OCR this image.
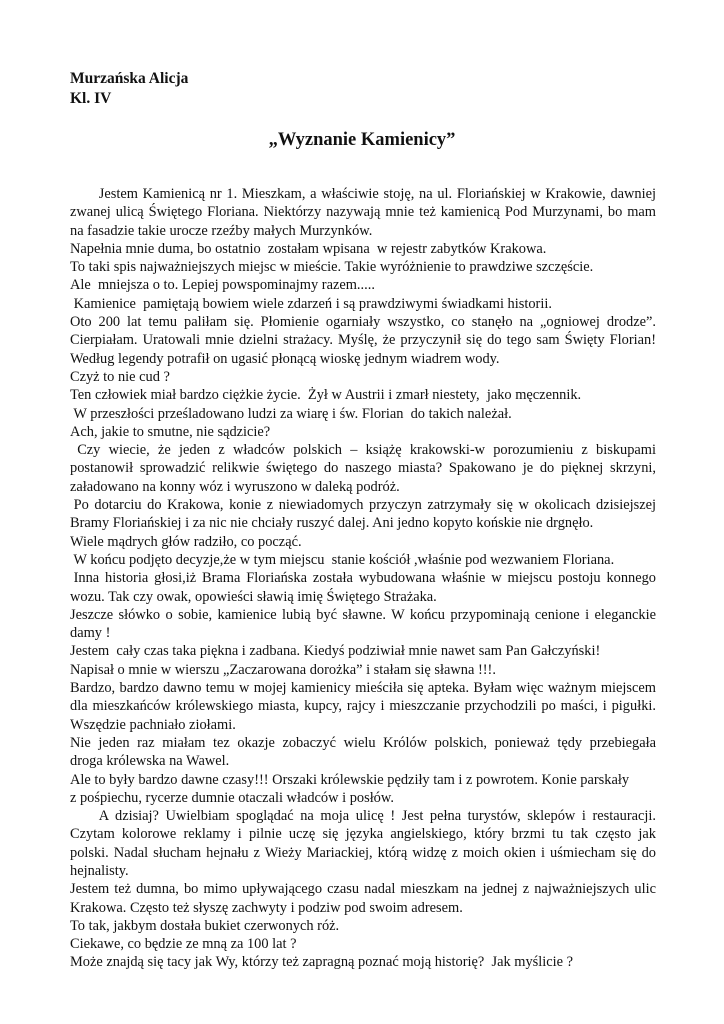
Murzańska Alicja
Kl. IV
„Wyznanie Kamienicy”
Jestem Kamienicą nr 1. Mieszkam, a właściwie stoję, na ul. Floriańskiej w Krakowie, dawniej
zwanej ulicą Świętego Floriana. Niektórzy nazywają mnie też kamienicą Pod Murzynami, bo mam
na fasadzie takie urocze rzeźby małych Murzynków.
Napełnia mnie duma, bo ostatnio  zostałam wpisana  w rejestr zabytków Krakowa.
To taki spis najważniejszych miejsc w mieście. Takie wyróżnienie to prawdziwe szczęście.
Ale  mniejsza o to. Lepiej powspominajmy razem.....
Kamienice  pamiętają bowiem wiele zdarzeń i są prawdziwymi świadkami historii.
Oto 200 lat temu paliłam się. Płomienie ogarniały wszystko, co stanęło na „ogniowej drodze”.
Cierpiałam. Uratowali mnie dzielni strażacy. Myślę, że przyczynił się do tego sam Święty Florian!
Według legendy potrafił on ugasić płonącą wioskę jednym wiadrem wody.
Czyż to nie cud ?
Ten człowiek miał bardzo ciężkie życie.  Żył w Austrii i zmarł niestety,  jako męczennik.
W przeszłości prześladowano ludzi za wiarę i św. Florian  do takich należał.
Ach, jakie to smutne, nie sądzicie?
Czy wiecie, że jeden z władców polskich – książę krakowski-w porozumieniu z biskupami
postanowił sprowadzić relikwie świętego do naszego miasta? Spakowano je do pięknej skrzyni,
załadowano na konny wóz i wyruszono w daleką podróż.
Po dotarciu do Krakowa, konie z niewiadomych przyczyn zatrzymały się w okolicach dzisiejszej
Bramy Floriańskiej i za nic nie chciały ruszyć dalej. Ani jedno kopyto końskie nie drgnęło.
Wiele mądrych głów radziło, co począć.
W końcu podjęto decyzje,że w tym miejscu  stanie kościół ,właśnie pod wezwaniem Floriana.
Inna historia głosi,iż Brama Floriańska została wybudowana właśnie w miejscu postoju konnego
wozu. Tak czy owak, opowieści sławią imię Świętego Strażaka.
Jeszcze słówko o sobie, kamienice lubią być sławne. W końcu przypominają cenione i eleganckie
damy !
Jestem  cały czas taka piękna i zadbana. Kiedyś podziwiał mnie nawet sam Pan Gałczyński!
Napisał o mnie w wierszu „Zaczarowana dorożka” i stałam się sławna !!!.
Bardzo, bardzo dawno temu w mojej kamienicy mieściła się apteka. Byłam więc ważnym miejscem
dla mieszkańców królewskiego miasta, kupcy, rajcy i mieszczanie przychodzili po maści, i pigułki.
Wszędzie pachniało ziołami.
Nie jeden raz miałam tez okazje zobaczyć wielu Królów polskich, ponieważ tędy przebiegała
droga królewska na Wawel.
Ale to były bardzo dawne czasy!!! Orszaki królewskie pędziły tam i z powrotem. Konie parskały
z pośpiechu, rycerze dumnie otaczali władców i posłów.
A dzisiaj? Uwielbiam spoglądać na moja ulicę ! Jest pełna turystów, sklepów i restauracji.
Czytam kolorowe reklamy i pilnie uczę się języka angielskiego, który brzmi tu tak często jak
polski. Nadal słucham hejnału z Wieży Mariackiej, którą widzę z moich okien i uśmiecham się do
hejnalisty.
Jestem też dumna, bo mimo upływającego czasu nadal mieszkam na jednej z najważniejszych ulic
Krakowa. Często też słyszę zachwyty i podziw pod swoim adresem.
To tak, jakbym dostała bukiet czerwonych róż.
Ciekawe, co będzie ze mną za 100 lat ?
Może znajdą się tacy jak Wy, którzy też zapragną poznać moją historię?  Jak myślicie ?
